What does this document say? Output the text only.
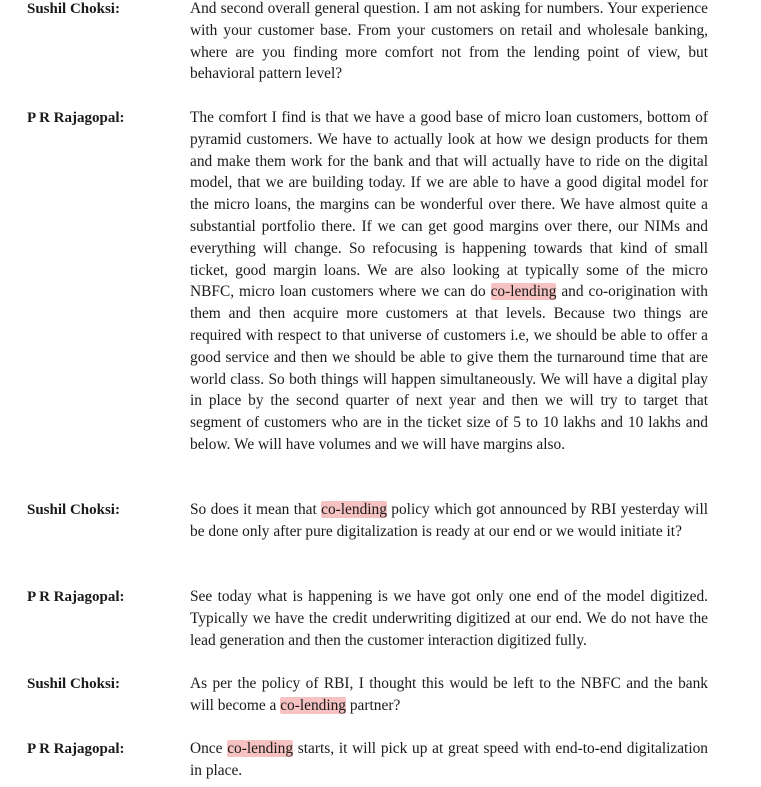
Sushil Choksi:	And second overall general question. I am not asking for numbers. Your experience with your customer base. From your customers on retail and wholesale banking, where are you finding more comfort not from the lending point of view, but behavioral pattern level?
P R Rajagopal:	The comfort I find is that we have a good base of micro loan customers, bottom of pyramid customers. We have to actually look at how we design products for them and make them work for the bank and that will actually have to ride on the digital model, that we are building today. If we are able to have a good digital model for the micro loans, the margins can be wonderful over there. We have almost quite a substantial portfolio there. If we can get good margins over there, our NIMs and everything will change. So refocusing is happening towards that kind of small ticket, good margin loans. We are also looking at typically some of the micro NBFC, micro loan customers where we can do co-lending and co-origination with them and then acquire more customers at that levels. Because two things are required with respect to that universe of customers i.e, we should be able to offer a good service and then we should be able to give them the turnaround time that are world class. So both things will happen simultaneously. We will have a digital play in place by the second quarter of next year and then we will try to target that segment of customers who are in the ticket size of 5 to 10 lakhs and 10 lakhs and below. We will have volumes and we will have margins also.
Sushil Choksi:	So does it mean that co-lending policy which got announced by RBI yesterday will be done only after pure digitalization is ready at our end or we would initiate it?
P R Rajagopal:	See today what is happening is we have got only one end of the model digitized. Typically we have the credit underwriting digitized at our end. We do not have the lead generation and then the customer interaction digitized fully.
Sushil Choksi:	As per the policy of RBI, I thought this would be left to the NBFC and the bank will become a co-lending partner?
P R Rajagopal:	Once co-lending starts, it will pick up at great speed with end-to-end digitalization in place.
